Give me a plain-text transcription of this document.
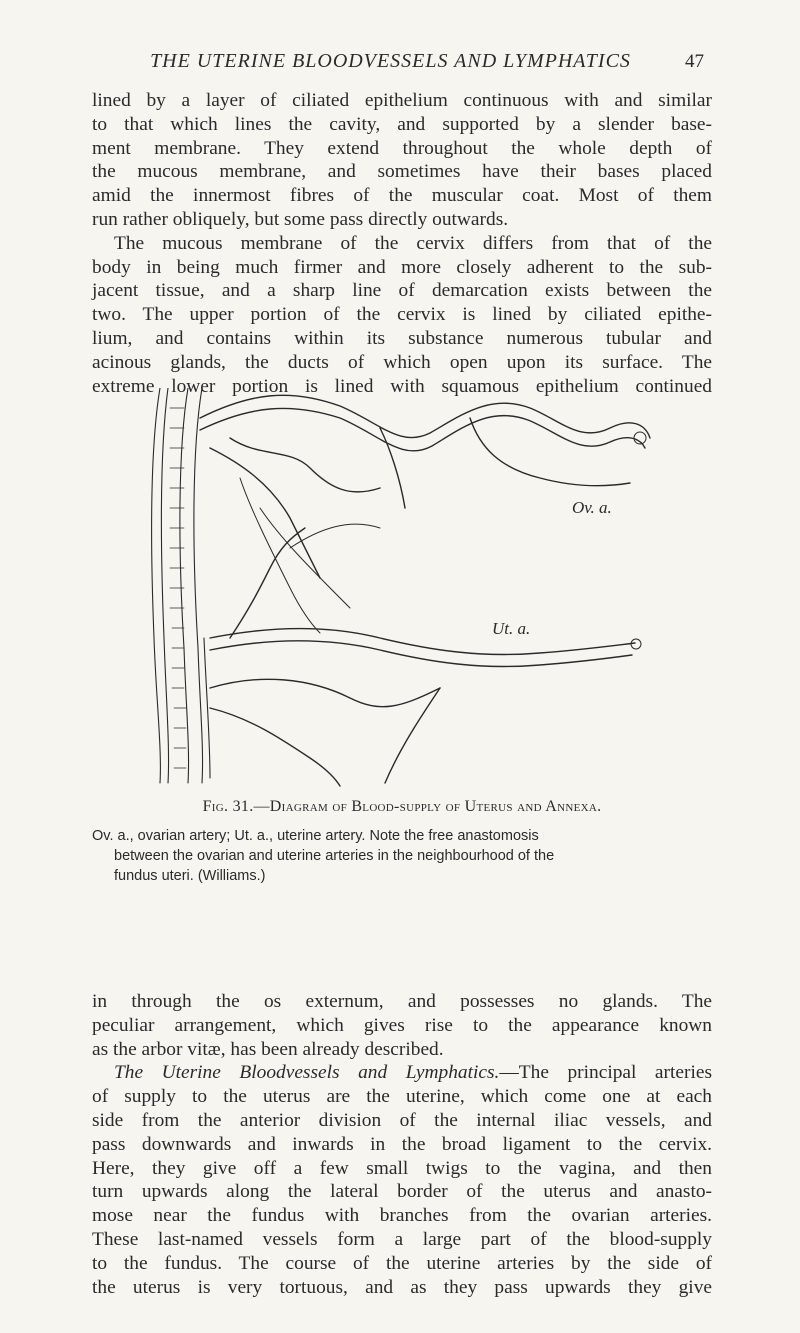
THE UTERINE BLOODVESSELS AND LYMPHATICS	47
lined by a layer of ciliated epithelium continuous with and similar
to that which lines the cavity, and supported by a slender base-
ment membrane. They extend throughout the whole depth of
the mucous membrane, and sometimes have their bases placed
amid the innermost fibres of the muscular coat. Most of them
run rather obliquely, but some pass directly outwards.
The mucous membrane of the cervix differs from that of the
body in being much firmer and more closely adherent to the sub-
jacent tissue, and a sharp line of demarcation exists between the
two. The upper portion of the cervix is lined by ciliated epithe-
lium, and contains within its substance numerous tubular and
acinous glands, the ducts of which open upon its surface. The
extreme lower portion is lined with squamous epithelium continued
Ov. a.
Ut. a.
Fig. 31.—Diagram of Blood-supply of Uterus and Annexa.
Ov. a., ovarian artery; Ut. a., uterine artery. Note the free anastomosis
between the ovarian and uterine arteries in the neighbourhood of the
fundus uteri. (Williams.)
in through the os externum, and possesses no glands. The
peculiar arrangement, which gives rise to the appearance known
as the arbor vitæ, has been already described.
The Uterine Bloodvessels and Lymphatics.—The principal arteries
of supply to the uterus are the uterine, which come one at each
side from the anterior division of the internal iliac vessels, and
pass downwards and inwards in the broad ligament to the cervix.
Here, they give off a few small twigs to the vagina, and then
turn upwards along the lateral border of the uterus and anasto-
mose near the fundus with branches from the ovarian arteries.
These last-named vessels form a large part of the blood-supply
to the fundus. The course of the uterine arteries by the side of
the uterus is very tortuous, and as they pass upwards they give
